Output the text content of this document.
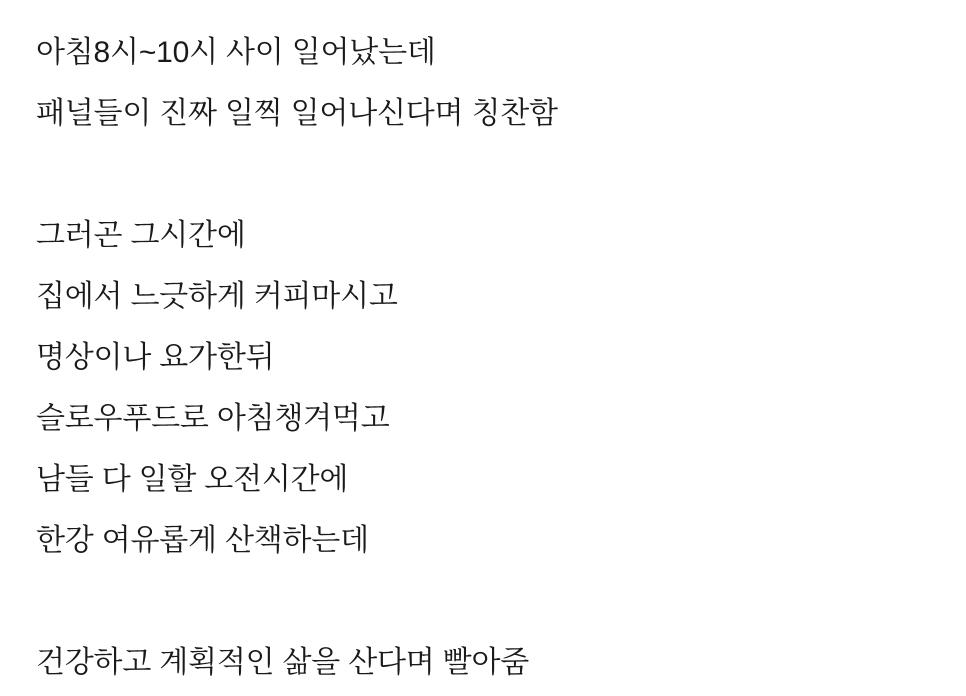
아침8시~10시 사이 일어났는데
패널들이 진짜 일찍 일어나신다며 칭찬함

그러곤 그시간에
집에서 느긋하게 커피마시고
명상이나 요가한뒤
슬로우푸드로 아침챙겨먹고
남들 다 일할 오전시간에
한강 여유롭게 산책하는데

건강하고 계획적인 삶을 산다며 빨아줌
